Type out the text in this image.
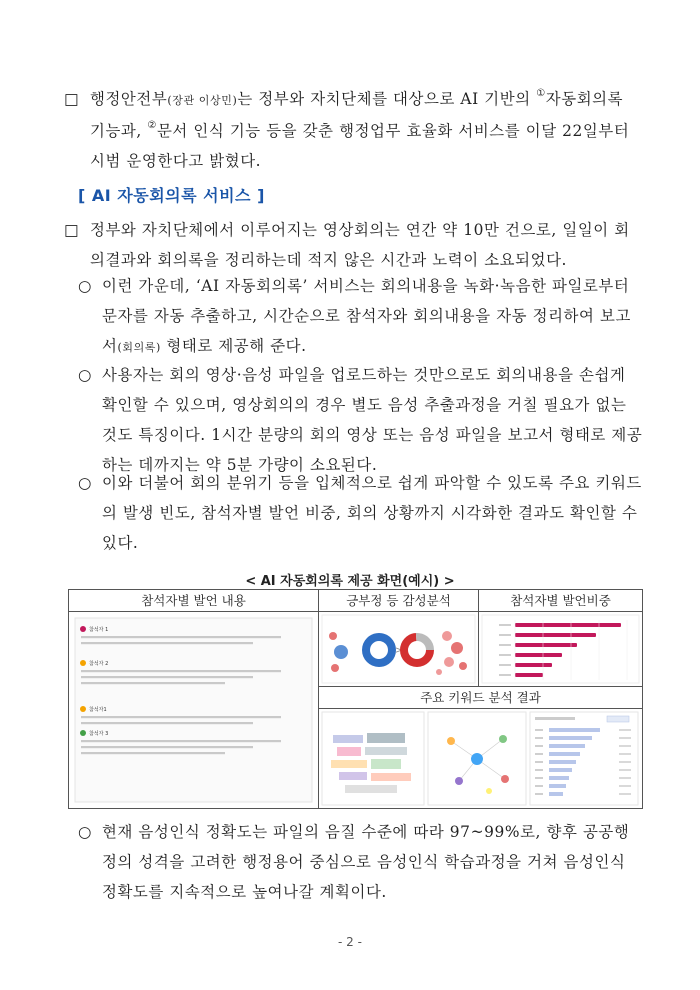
□ 행정안전부(장관 이상민)는 정부와 자치단체를 대상으로 AI 기반의 ①자동회의록 기능과, ②문서 인식 기능 등을 갖춘 행정업무 효율화 서비스를 이달 22일부터 시범 운영한다고 밝혔다.
[ AI 자동회의록 서비스 ]
□ 정부와 자치단체에서 이루어지는 영상회의는 연간 약 10만 건으로, 일일이 회의결과와 회의록을 정리하는데 적지 않은 시간과 노력이 소요되었다.
○ 이런 가운데, ‘AI 자동회의록’ 서비스는 회의내용을 녹화·녹음한 파일로부터 문자를 자동 추출하고, 시간순으로 참석자와 회의내용을 자동 정리하여 보고서(회의록) 형태로 제공해 준다.
○ 사용자는 회의 영상·음성 파일을 업로드하는 것만으로도 회의내용을 손쉽게 확인할 수 있으며, 영상회의의 경우 별도 음성 추출과정을 거칠 필요가 없는 것도 특징이다. 1시간 분량의 회의 영상 또는 음성 파일을 보고서 형태로 제공하는 데까지는 약 5분 가량이 소요된다.
○ 이와 더불어 회의 분위기 등을 입체적으로 쉽게 파악할 수 있도록 주요 키워드의 발생 빈도, 참석자별 발언 비중, 회의 상황까지 시각화한 결과도 확인할 수 있다.
< AI 자동회의록 제공 화면(예시) >
참석자별 발언 내용	긍부정 등 감성분석	참석자별 발언비중
주요 키워드 분석 결과
참석자 1
참석자 2
참석자1
참석자 3
>
○ 현재 음성인식 정확도는 파일의 음질 수준에 따라 97~99%로, 향후 공공행정의 성격을 고려한 행정용어 중심으로 음성인식 학습과정을 거쳐 음성인식 정확도를 지속적으로 높여나갈 계획이다.
- 2 -
